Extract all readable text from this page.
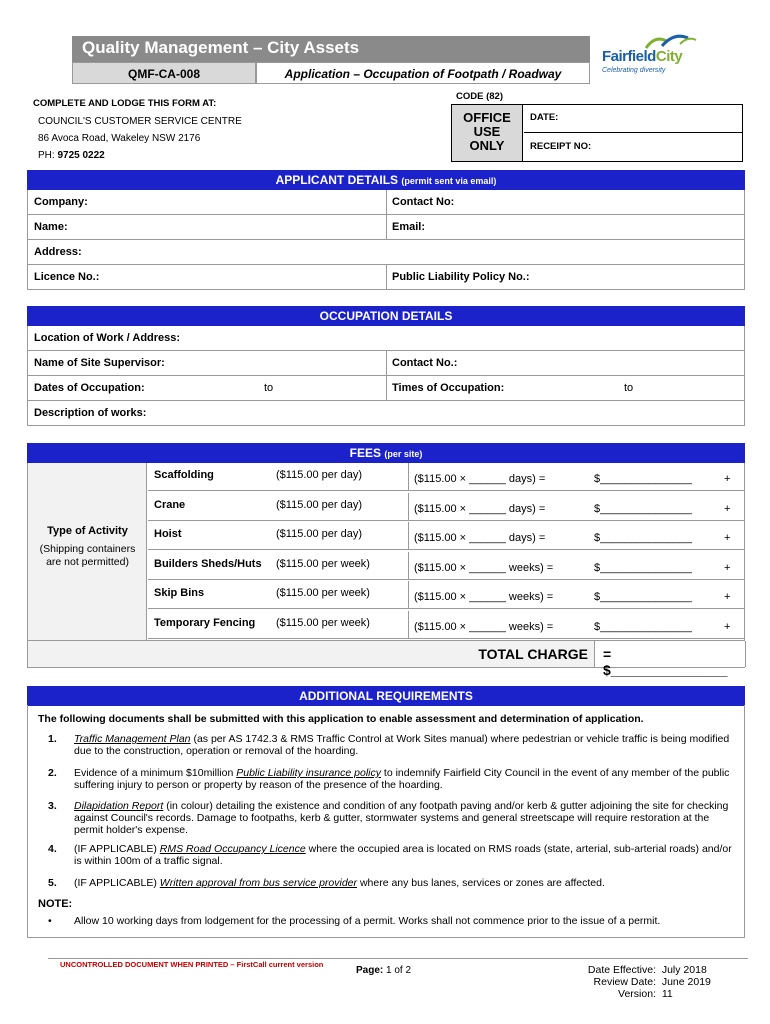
Quality Management – City Assets
QMF-CA-008	Application – Occupation of Footpath / Roadway
FairfieldCity
Celebrating diversity
COMPLETE AND LODGE THIS FORM AT:
COUNCIL'S CUSTOMER SERVICE CENTRE
86 Avoca Road, Wakeley NSW 2176
PH: 9725 0222
CODE (82)
OFFICE
USE
ONLY
DATE:
RECEIPT NO:
APPLICANT DETAILS (permit sent via email)
Company:	Contact No:
Name:	Email:
Address:
Licence No.:	Public Liability Policy No.:
OCCUPATION DETAILS
Location of Work / Address:
Name of Site Supervisor:	Contact No.:
Dates of Occupation:	to	Times of Occupation:	to
Description of works:
FEES (per site)
Type of Activity
(Shipping containers
are not permitted)
Scaffolding	($115.00 per day)	($115.00 × ______ days) =	$_______________	+
Crane	($115.00 per day)	($115.00 × ______ days) =	$_______________	+
Hoist	($115.00 per day)	($115.00 × ______ days) =	$_______________	+
Builders Sheds/Huts ($115.00 per week)	($115.00 × ______ weeks) =	$_______________	+
Skip Bins	($115.00 per week)	($115.00 × ______ weeks) =	$_______________	+
Temporary Fencing ($115.00 per week)	($115.00 × ______ weeks) =	$_______________	+
TOTAL CHARGE	= $_______________
ADDITIONAL REQUIREMENTS
The following documents shall be submitted with this application to enable assessment and determination of application.
1. Traffic Management Plan (as per AS 1742.3 & RMS Traffic Control at Work Sites manual) where pedestrian or vehicle traffic is being modified due to the construction, operation or removal of the hoarding.
2. Evidence of a minimum $10million Public Liability insurance policy to indemnify Fairfield City Council in the event of any member of the public suffering injury to person or property by reason of the presence of the hoarding.
3. Dilapidation Report (in colour) detailing the existence and condition of any footpath paving and/or kerb & gutter adjoining the site for checking against Council's records. Damage to footpaths, kerb & gutter, stormwater systems and general streetscape will require restoration at the permit holder's expense.
4. (IF APPLICABLE) RMS Road Occupancy Licence where the occupied area is located on RMS roads (state, arterial, sub-arterial roads) and/or is within 100m of a traffic signal.
5. (IF APPLICABLE) Written approval from bus service provider where any bus lanes, services or zones are affected.
NOTE:
• Allow 10 working days from lodgement for the processing of a permit. Works shall not commence prior to the issue of a permit.
UNCONTROLLED DOCUMENT WHEN PRINTED – FirstCall current version
Page: 1 of 2	Date Effective: July 2018
Review Date: June 2019
Version: 11
